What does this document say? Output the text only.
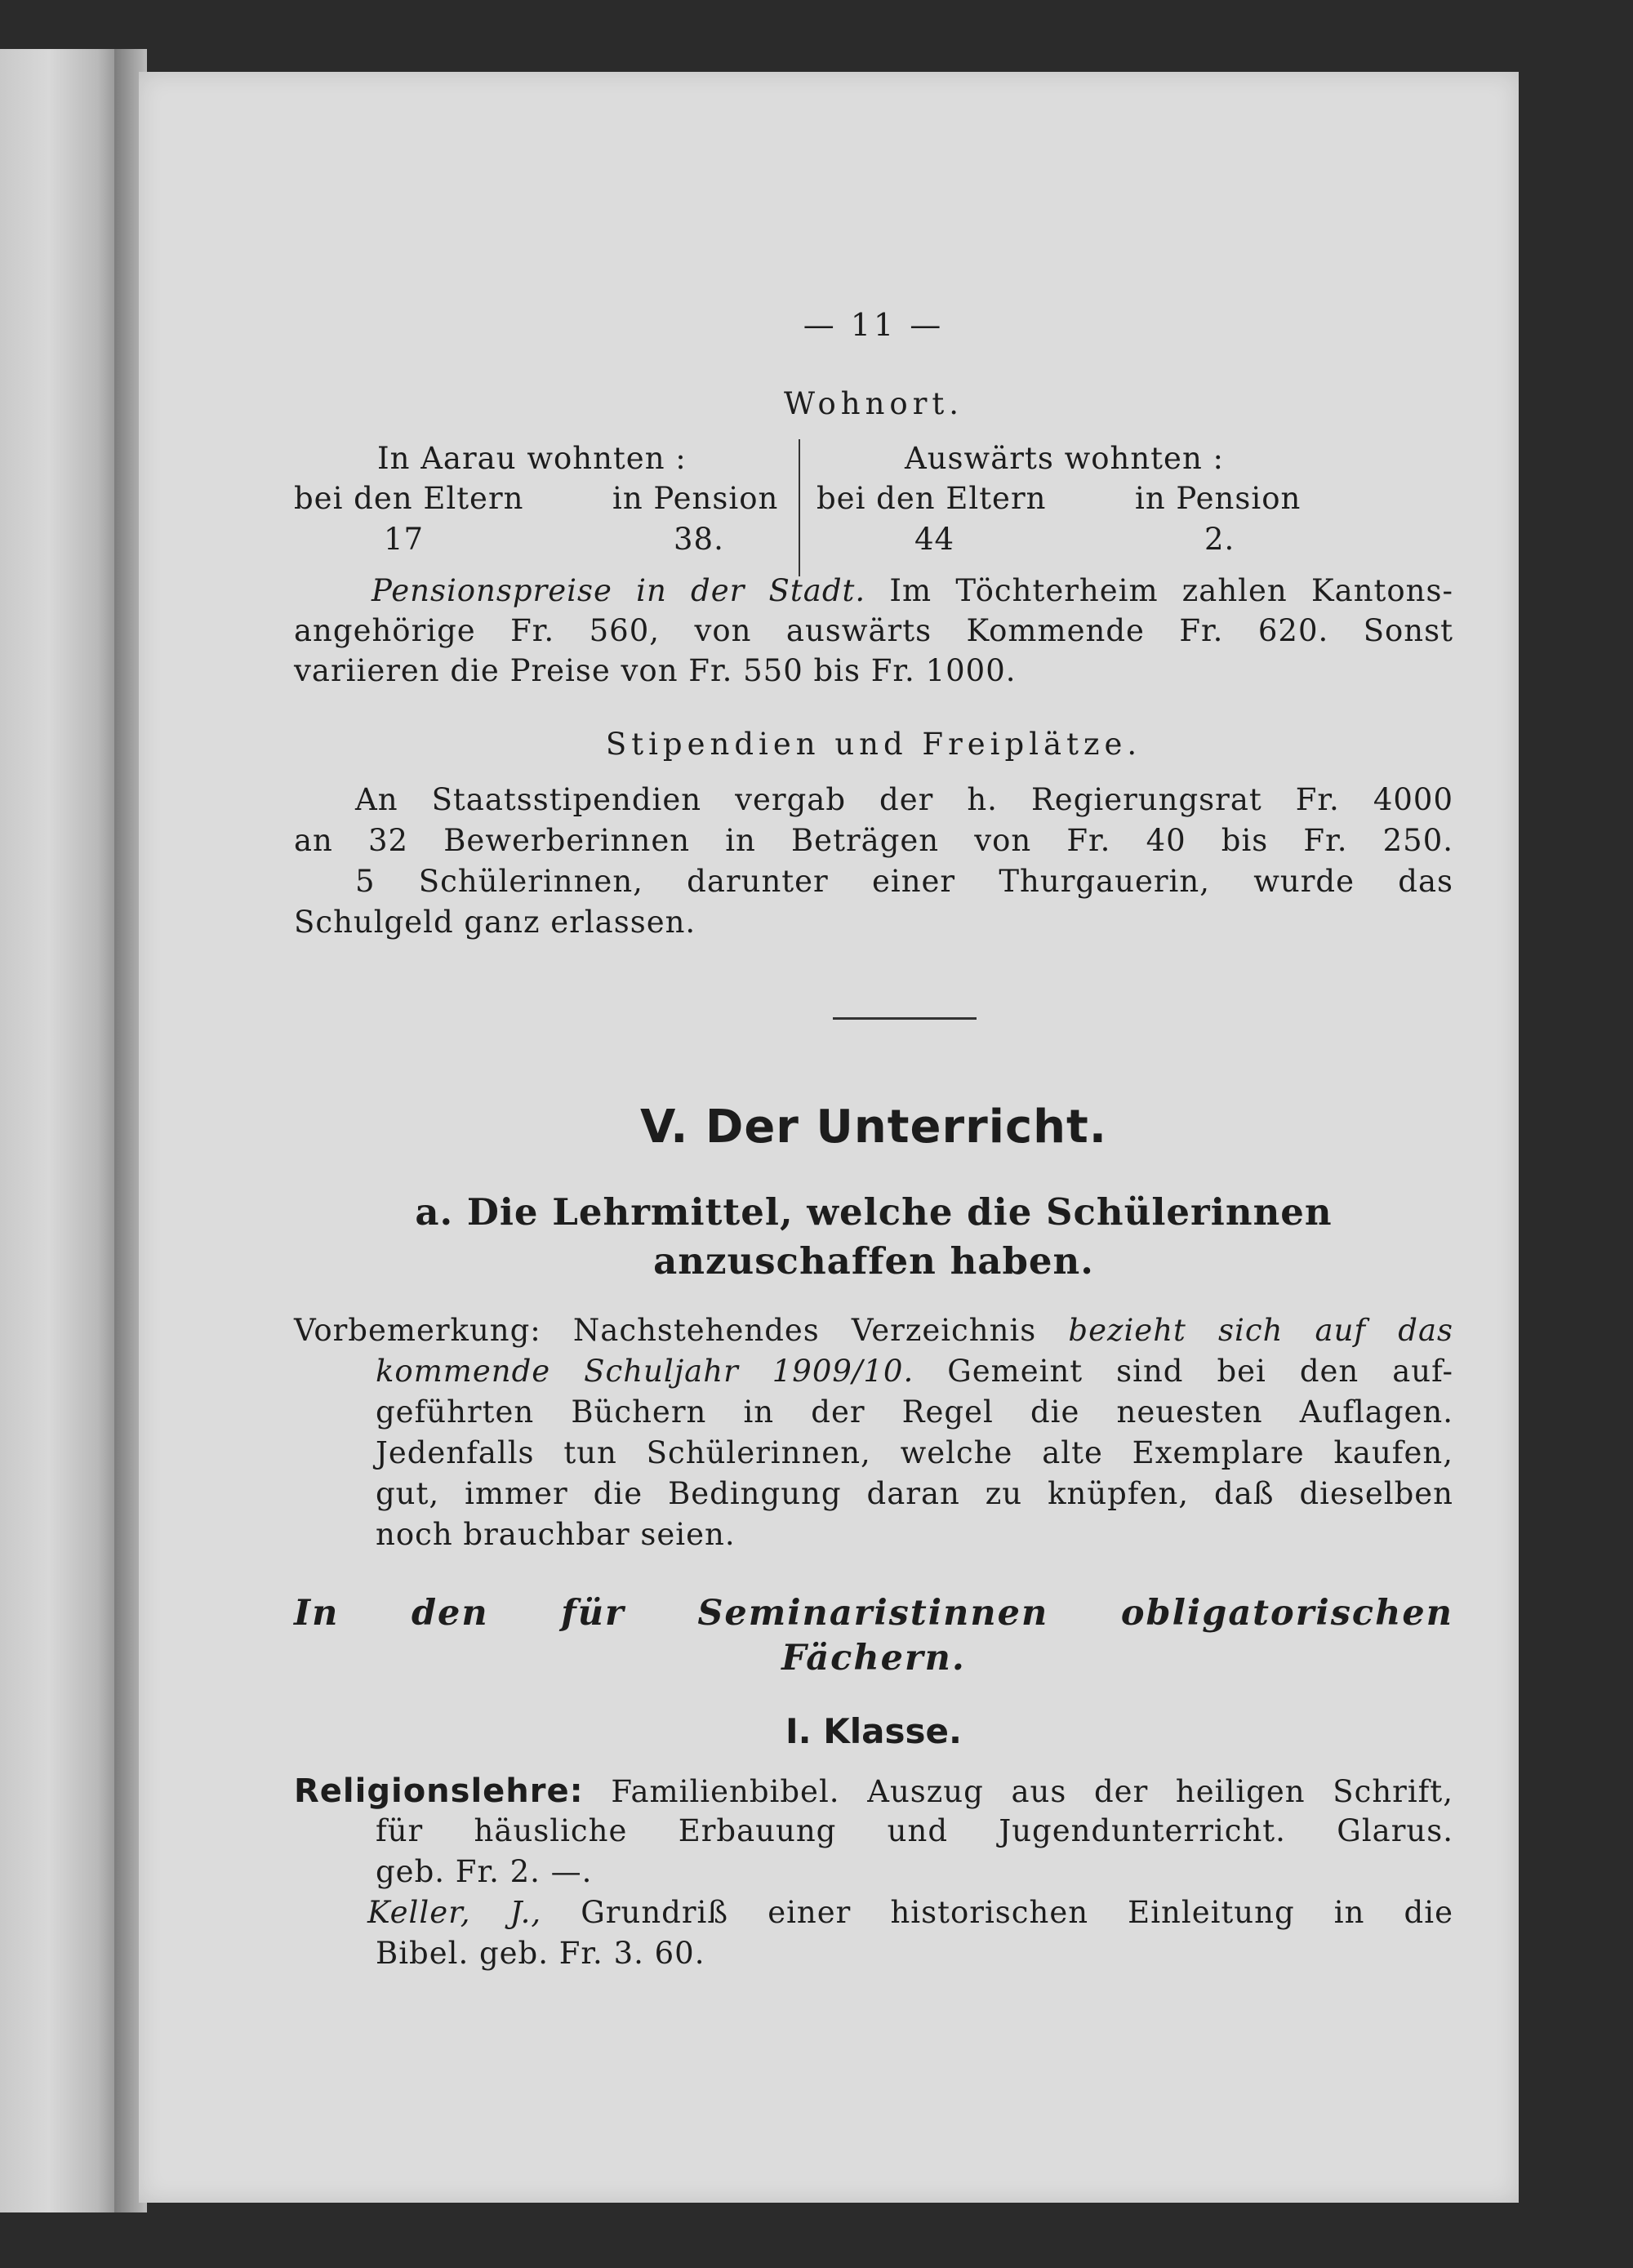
— 11 —
Wohnort.
In Aarau wohnten :	Auswärts wohnten :
bei den Eltern	in Pension bei den Eltern	in Pension
17	38.	44	2.
Pensionspreise in der Stadt. Im Töchterheim zahlen Kantons-
angehörige Fr. 560, von auswärts Kommende Fr. 620. Sonst
variieren die Preise von Fr. 550 bis Fr. 1000.
Stipendien und Freiplätze.
An Staatsstipendien vergab der h. Regierungsrat Fr. 4000
an 32 Bewerberinnen in Beträgen von Fr. 40 bis Fr. 250.
5 Schülerinnen, darunter einer Thurgauerin, wurde das
Schulgeld ganz erlassen.
V. Der Unterricht.
a. Die Lehrmittel, welche die Schülerinnen
anzuschaffen haben.
Vorbemerkung: Nachstehendes Verzeichnis bezieht sich auf das
kommende Schuljahr 1909/10. Gemeint sind bei den auf-
geführten Büchern in der Regel die neuesten Auflagen.
Jedenfalls tun Schülerinnen, welche alte Exemplare kaufen,
gut, immer die Bedingung daran zu knüpfen, daß dieselben
noch brauchbar seien.
In den für Seminaristinnen obligatorischen
Fächern.
I. Klasse.
Religionslehre: Familienbibel. Auszug aus der heiligen Schrift,
für häusliche Erbauung und Jugendunterricht. Glarus.
geb. Fr. 2. —.
Keller, J., Grundriß einer historischen Einleitung in die
Bibel. geb. Fr. 3. 60.
